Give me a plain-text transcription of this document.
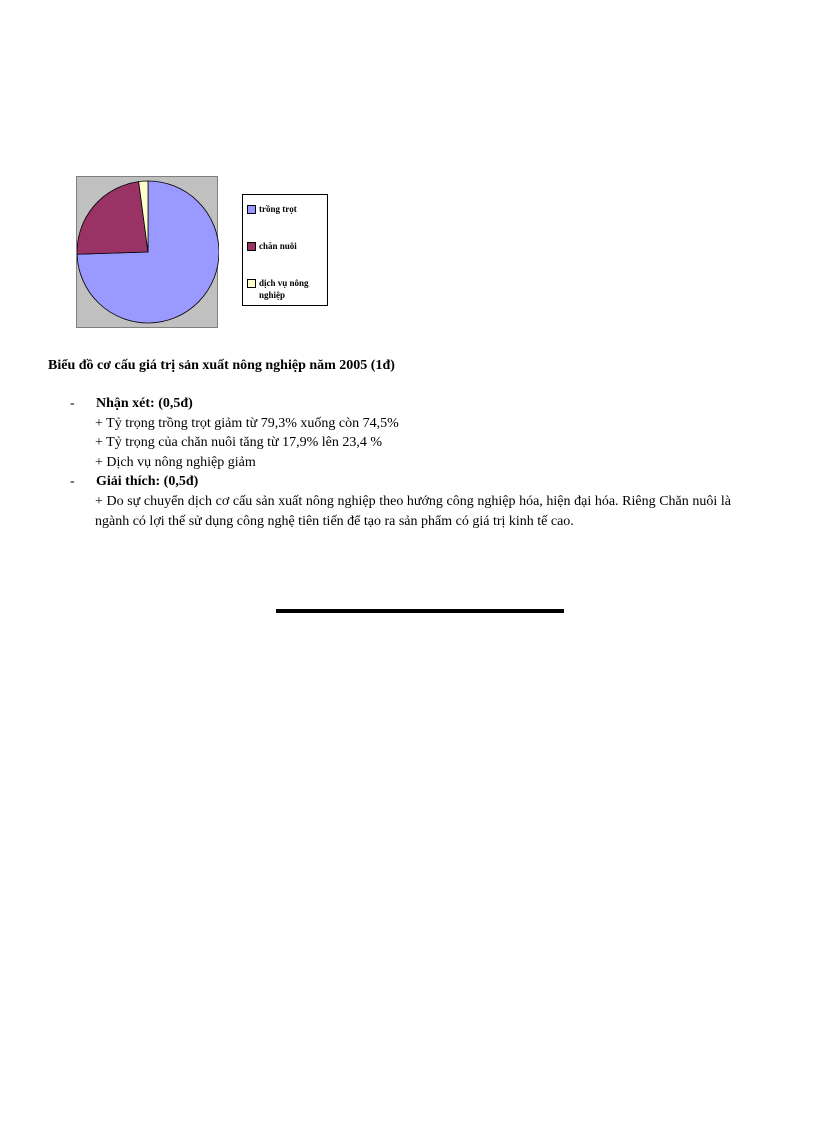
trồng trọt
chăn nuôi
dịch vụ nông nghiệp
Biểu đồ cơ cấu giá trị sản xuất nông nghiệp năm 2005 (1đ)
- Nhận xét: (0,5đ)
+ Tỷ trọng trồng trọt giảm từ 79,3% xuống còn 74,5%
+ Tỷ trọng của chăn nuôi tăng từ 17,9% lên 23,4 %
+ Dịch vụ nông nghiệp giảm
- Giải thích: (0,5đ)
+ Do sự chuyển dịch cơ cấu sản xuất nông nghiệp theo hướng công nghiệp hóa, hiện đại hóa. Riêng Chăn nuôi là ngành có lợi thế sử dụng công nghệ tiên tiến để tạo ra sản phẩm có giá trị kinh tế cao.
